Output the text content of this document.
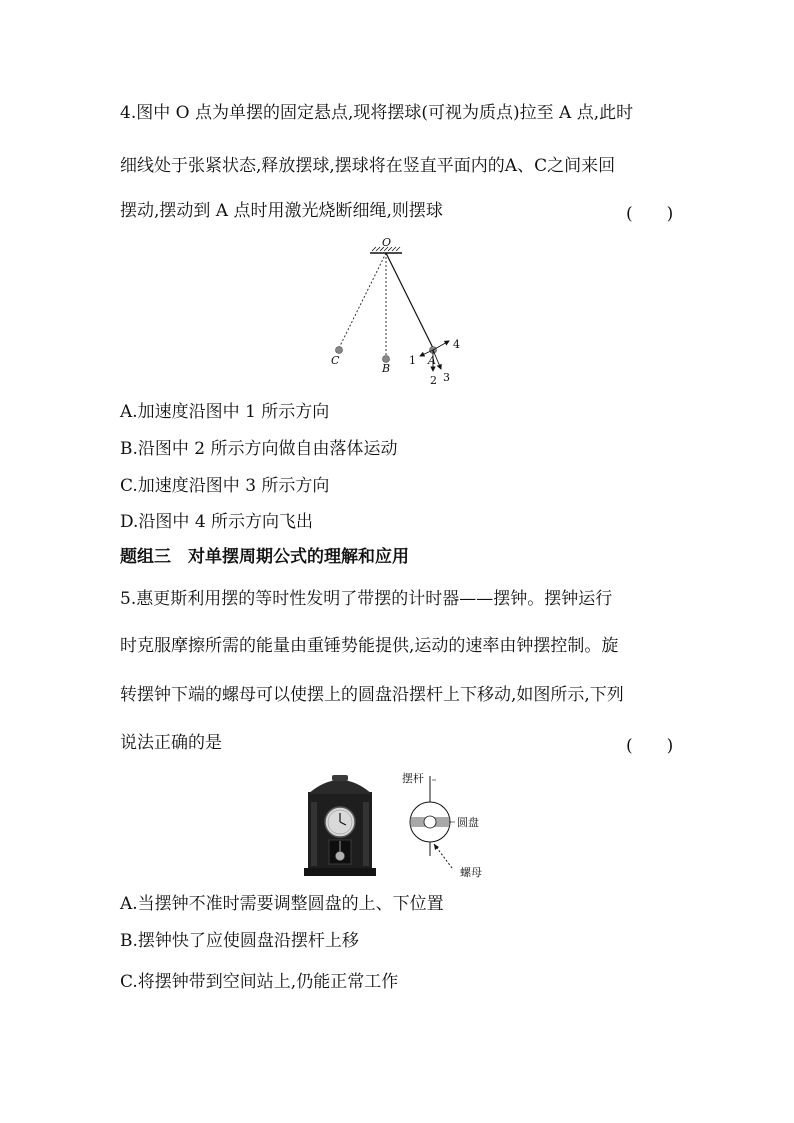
4.图中 O 点为单摆的固定悬点,现将摆球(可视为质点)拉至 A 点,此时
细线处于张紧状态,释放摆球,摆球将在竖直平面内的A、C之间来回
摆动,摆动到 A 点时用激光烧断细绳,则摆球	(　　)
O
C
B
A
1
2 3
4
A.加速度沿图中 1 所示方向
B.沿图中 2 所示方向做自由落体运动
C.加速度沿图中 3 所示方向
D.沿图中 4 所示方向飞出
题组三　对单摆周期公式的理解和应用
5.惠更斯利用摆的等时性发明了带摆的计时器——摆钟。摆钟运行
时克服摩擦所需的能量由重锤势能提供,运动的速率由钟摆控制。旋
转摆钟下端的螺母可以使摆上的圆盘沿摆杆上下移动,如图所示,下列
说法正确的是	(　　)
摆杆
圆盘
螺母
A.当摆钟不准时需要调整圆盘的上、下位置
B.摆钟快了应使圆盘沿摆杆上移
C.将摆钟带到空间站上,仍能正常工作
